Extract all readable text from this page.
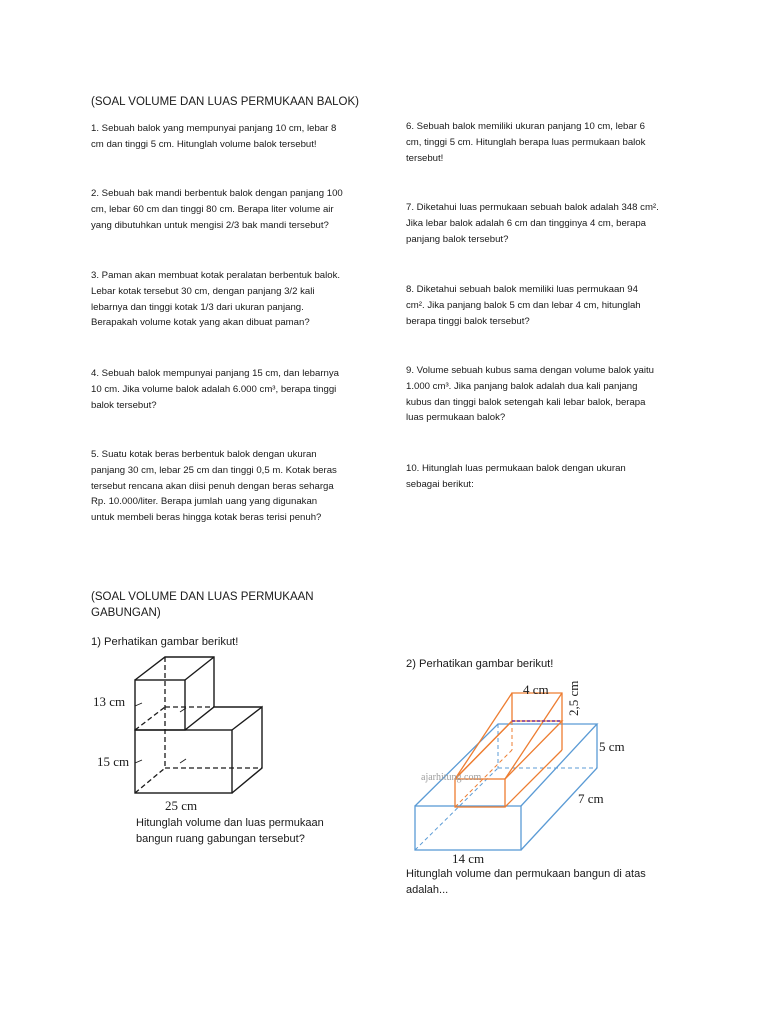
(SOAL VOLUME DAN LUAS PERMUKAAN BALOK)
1. Sebuah balok yang mempunyai panjang 10 cm, lebar 8
cm dan tinggi 5 cm. Hitunglah volume balok tersebut!
2. Sebuah bak mandi berbentuk balok dengan panjang 100
cm, lebar 60 cm dan tinggi 80 cm. Berapa liter volume air
yang dibutuhkan untuk mengisi 2/3 bak mandi tersebut?
3. Paman akan membuat kotak peralatan berbentuk balok.
Lebar kotak tersebut 30 cm, dengan panjang 3/2 kali
lebarnya dan tinggi kotak 1/3 dari ukuran panjang.
Berapakah volume kotak yang akan dibuat paman?
4. Sebuah balok mempunyai panjang 15 cm, dan lebarnya
10 cm. Jika volume balok adalah 6.000 cm³, berapa tinggi
balok tersebut?
5. Suatu kotak beras berbentuk balok dengan ukuran
panjang 30 cm, lebar 25 cm dan tinggi 0,5 m. Kotak beras
tersebut rencana akan diisi penuh dengan beras seharga
Rp. 10.000/liter. Berapa jumlah uang yang digunakan
untuk membeli beras hingga kotak beras terisi penuh?
6. Sebuah balok memiliki ukuran panjang 10 cm, lebar 6
cm, tinggi 5 cm. Hitunglah berapa luas permukaan balok
tersebut!
7. Diketahui luas permukaan sebuah balok adalah 348 cm².
Jika lebar balok adalah 6 cm dan tingginya 4 cm, berapa
panjang balok tersebut?
8. Diketahui sebuah balok memiliki luas permukaan 94
cm². Jika panjang balok 5 cm dan lebar 4 cm, hitunglah
berapa tinggi balok tersebut?
9. Volume sebuah kubus sama dengan volume balok yaitu
1.000 cm³. Jika panjang balok adalah dua kali panjang
kubus dan tinggi balok setengah kali lebar balok, berapa
luas permukaan balok?
10. Hitunglah luas permukaan balok dengan ukuran
sebagai berikut:
(SOAL VOLUME DAN LUAS PERMUKAAN
GABUNGAN)
1) Perhatikan gambar berikut!
2) Perhatikan gambar berikut!
13 cm
15 cm
25 cm
Hitunglah volume dan luas permukaan
bangun ruang gabungan tersebut?
ajarhitung.com
4 cm 2,5 cm
5 cm
7 cm
14 cm
Hitunglah volume dan permukaan bangun di atas
adalah...
